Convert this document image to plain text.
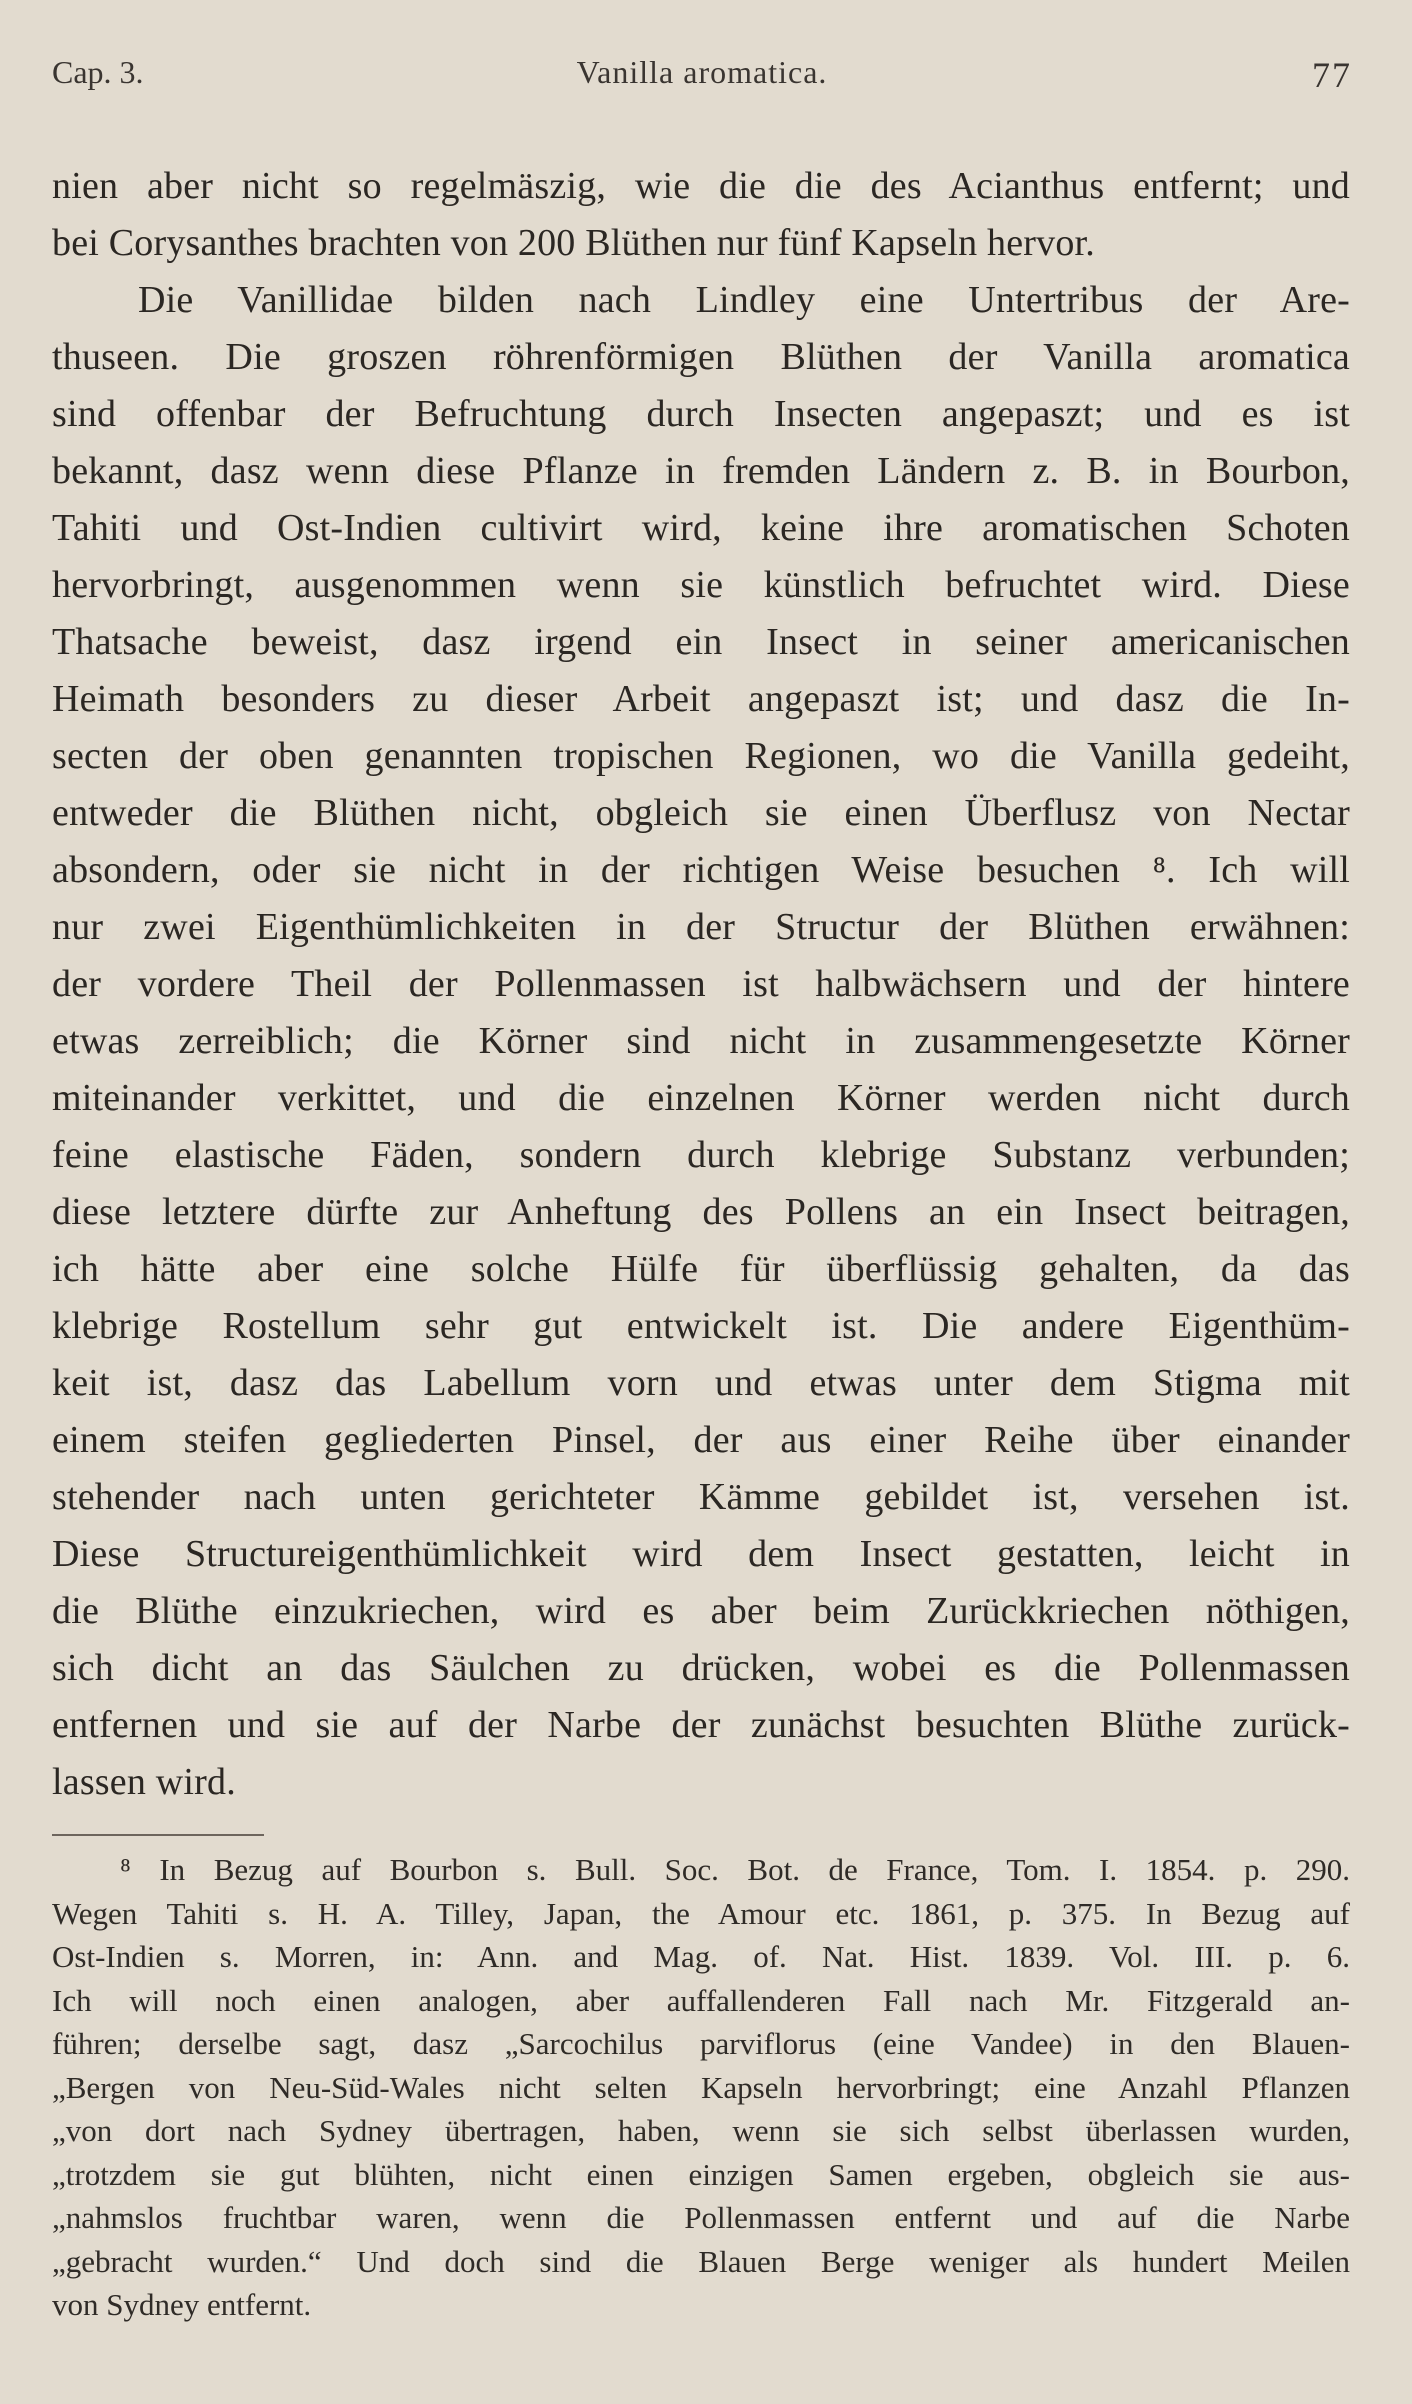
Cap. 3.	Vanilla aromatica.	77
nien aber nicht so regelmäszig, wie die die des Acianthus entfernt; und
bei Corysanthes brachten von 200 Blüthen nur fünf Kapseln hervor.
Die Vanillidae bilden nach Lindley eine Untertribus der Are-
thuseen. Die groszen röhrenförmigen Blüthen der Vanilla aromatica
sind offenbar der Befruchtung durch Insecten angepaszt; und es ist
bekannt, dasz wenn diese Pflanze in fremden Ländern z. B. in Bourbon,
Tahiti und Ost-Indien cultivirt wird, keine ihre aromatischen Schoten
hervorbringt, ausgenommen wenn sie künstlich befruchtet wird. Diese
Thatsache beweist, dasz irgend ein Insect in seiner americanischen
Heimath besonders zu dieser Arbeit angepaszt ist; und dasz die In-
secten der oben genannten tropischen Regionen, wo die Vanilla gedeiht,
entweder die Blüthen nicht, obgleich sie einen Überflusz von Nectar
absondern, oder sie nicht in der richtigen Weise besuchen ⁸. Ich will
nur zwei Eigenthümlichkeiten in der Structur der Blüthen erwähnen:
der vordere Theil der Pollenmassen ist halbwächsern und der hintere
etwas zerreiblich; die Körner sind nicht in zusammengesetzte Körner
miteinander verkittet, und die einzelnen Körner werden nicht durch
feine elastische Fäden, sondern durch klebrige Substanz verbunden;
diese letztere dürfte zur Anheftung des Pollens an ein Insect beitragen,
ich hätte aber eine solche Hülfe für überflüssig gehalten, da das
klebrige Rostellum sehr gut entwickelt ist. Die andere Eigenthüm-
keit ist, dasz das Labellum vorn und etwas unter dem Stigma mit
einem steifen gegliederten Pinsel, der aus einer Reihe über einander
stehender nach unten gerichteter Kämme gebildet ist, versehen ist.
Diese Structureigenthümlichkeit wird dem Insect gestatten, leicht in
die Blüthe einzukriechen, wird es aber beim Zurückkriechen nöthigen,
sich dicht an das Säulchen zu drücken, wobei es die Pollenmassen
entfernen und sie auf der Narbe der zunächst besuchten Blüthe zurück-
lassen wird.
⁸ In Bezug auf Bourbon s. Bull. Soc. Bot. de France, Tom. I. 1854. p. 290.
Wegen Tahiti s. H. A. Tilley, Japan, the Amour etc. 1861, p. 375. In Bezug auf
Ost-Indien s. Morren, in: Ann. and Mag. of. Nat. Hist. 1839. Vol. III. p. 6.
Ich will noch einen analogen, aber auffallenderen Fall nach Mr. Fitzgerald an-
führen; derselbe sagt, dasz „Sarcochilus parviflorus (eine Vandee) in den Blauen-
„Bergen von Neu-Süd-Wales nicht selten Kapseln hervorbringt; eine Anzahl Pflanzen
„von dort nach Sydney übertragen, haben, wenn sie sich selbst überlassen wurden,
„trotzdem sie gut blühten, nicht einen einzigen Samen ergeben, obgleich sie aus-
„nahmslos fruchtbar waren, wenn die Pollenmassen entfernt und auf die Narbe
„gebracht wurden.“ Und doch sind die Blauen Berge weniger als hundert Meilen
von Sydney entfernt.
